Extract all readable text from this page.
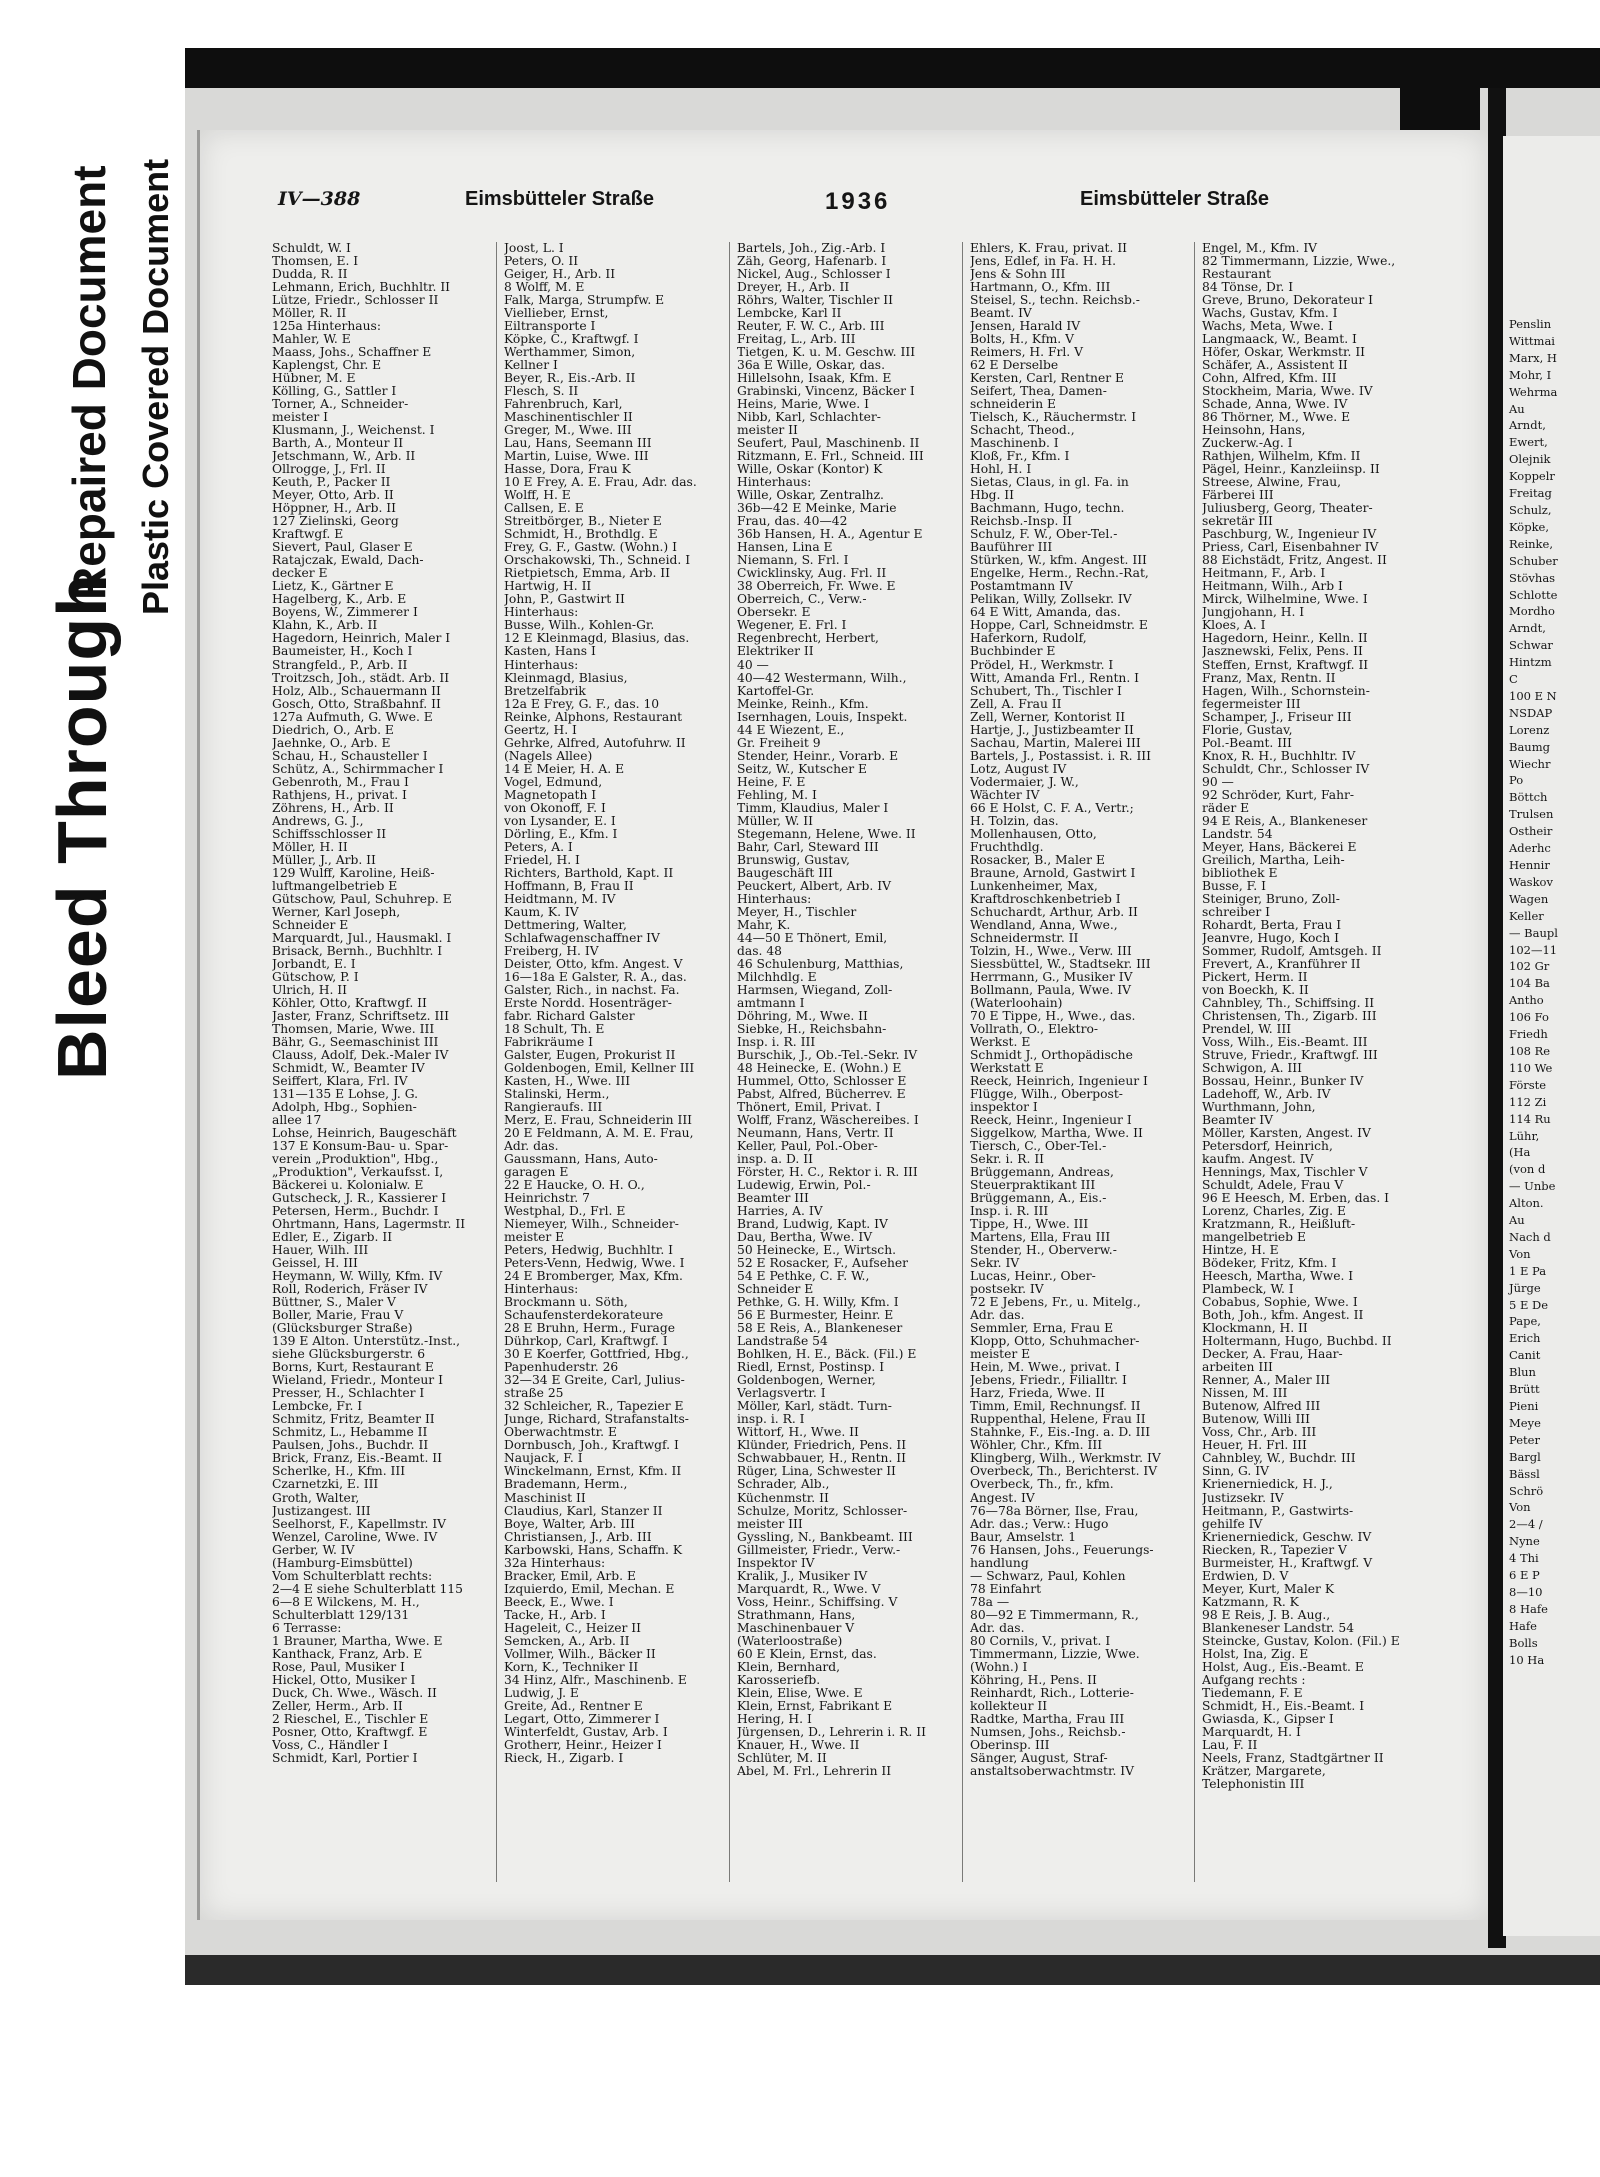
Bleed Through
Repaired Document Plastic Covered Document	IV—388	Eimsbütteler Straße	1936	Eimsbütteler Straße
Schuldt, W. I
Thomsen, E. I
Dudda, R. II
Lehmann, Erich, Buchhltr. II
Lütze, Friedr., Schlosser II
Möller, R. II
125a Hinterhaus:
Mahler, W. E
Maass, Johs., Schaffner E
Kaplengst, Chr. E
Hübner, M. E
Kölling, G., Sattler I
Torner, A., Schneider-
meister I
Klusmann, J., Weichenst. I
Barth, A., Monteur II
Jetschmann, W., Arb. II
Ollrogge, J., Frl. II
Keuth, P., Packer II
Meyer, Otto, Arb. II
Höppner, H., Arb. II
127 Zielinski, Georg
Kraftwgf. E
Sievert, Paul, Glaser E
Ratajczak, Ewald, Dach-
decker E
Lietz, K., Gärtner E
Hagelberg, K., Arb. E
Boyens, W., Zimmerer I
Klahn, K., Arb. II
Hagedorn, Heinrich, Maler I
Baumeister, H., Koch I
Strangfeld., P., Arb. II
Troitzsch, Joh., städt. Arb. II
Holz, Alb., Schauermann II
Gosch, Otto, Straßbahnf. II
127a Aufmuth, G. Wwe. E
Diedrich, O., Arb. E
Jaehnke, O., Arb. E
Schau, H., Schausteller I
Schütz, A., Schirmmacher I
Gebenroth, M., Frau I
Rathjens, H., privat. I
Zöhrens, H., Arb. II
Andrews, G. J.,
Schiffsschlosser II
Möller, H. II
Müller, J., Arb. II
129 Wulff, Karoline, Heiß-
luftmangelbetrieb E
Gütschow, Paul, Schuhrep. E
Werner, Karl Joseph,
Schneider E
Marquardt, Jul., Hausmakl. I
Brisack, Bernh., Buchhltr. I
Jorbandt, E. I
Gütschow, P. I
Ulrich, H. II
Köhler, Otto, Kraftwgf. II
Jaster, Franz, Schriftsetz. III
Thomsen, Marie, Wwe. III
Bähr, G., Seemaschinist III
Clauss, Adolf, Dek.-Maler IV
Schmidt, W., Beamter IV
Seiffert, Klara, Frl. IV
131—135 E Lohse, J. G.
Adolph, Hbg., Sophien-
allee 17
Lohse, Heinrich, Baugeschäft
137 E Konsum-Bau- u. Spar-
verein „Produktion", Hbg.,
„Produktion", Verkaufsst. I,
Bäckerei u. Kolonialw. E
Gutscheck, J. R., Kassierer I
Petersen, Herm., Buchdr. I
Ohrtmann, Hans, Lagermstr. II
Edler, E., Zigarb. II
Hauer, Wilh. III
Geissel, H. III
Heymann, W. Willy, Kfm. IV
Roll, Roderich, Fräser IV
Büttner, S., Maler V
Boller, Marie, Frau V
(Glücksburger Straße)
139 E Alton. Unterstütz.-Inst.,
siehe Glücksburgerstr. 6
Borns, Kurt, Restaurant E
Wieland, Friedr., Monteur I
Presser, H., Schlachter I
Lembcke, Fr. I
Schmitz, Fritz, Beamter II
Schmitz, L., Hebamme II
Paulsen, Johs., Buchdr. II
Brick, Franz, Eis.-Beamt. II
Scherlke, H., Kfm. III
Czarnetzki, E. III
Groth, Walter,
Justizangest. III
Seelhorst, F., Kapellmstr. IV
Wenzel, Caroline, Wwe. IV
Gerber, W. IV
(Hamburg-Eimsbüttel)
Vom Schulterblatt rechts:
2—4 E siehe Schulterblatt 115
6—8 E Wilckens, M. H.,
Schulterblatt 129/131
6 Terrasse:
1 Brauner, Martha, Wwe. E
Kanthack, Franz, Arb. E
Rose, Paul, Musiker I
Hickel, Otto, Musiker I
Duck, Ch. Wwe., Wäsch. II
Zeller, Herm., Arb. II
2 Rieschel, E., Tischler E
Posner, Otto, Kraftwgf. E
Voss, C., Händler I
Schmidt, Karl, Portier I
Joost, L. I
Peters, O. II
Geiger, H., Arb. II
8 Wolff, M. E
Falk, Marga, Strumpfw. E
Viellieber, Ernst,
Eiltransporte I
Köpke, C., Kraftwgf. I
Werthammer, Simon,
Kellner I
Beyer, R., Eis.-Arb. II
Flesch, S. II
Fahrenbruch, Karl,
Maschinentischler II
Greger, M., Wwe. III
Lau, Hans, Seemann III
Martin, Luise, Wwe. III
Hasse, Dora, Frau K
10 E Frey, A. E. Frau, Adr. das.
Wolff, H. E
Callsen, E. E
Streitbörger, B., Nieter E
Schmidt, H., Brothdlg. E
Frey, G. F., Gastw. (Wohn.) I
Orschakowski, Th., Schneid. I
Rietpietsch, Emma, Arb. II
Hartwig, H. II
John, P., Gastwirt II
Hinterhaus:
Busse, Wilh., Kohlen-Gr.
12 E Kleinmagd, Blasius, das.
Kasten, Hans I
Hinterhaus:
Kleinmagd, Blasius,
Bretzelfabrik
12a E Frey, G. F., das. 10
Reinke, Alphons, Restaurant
Geertz, H. I
Gehrke, Alfred, Autofuhrw. II
(Nagels Allee)
14 E Meier, H. A. E
Vogel, Edmund,
Magnetopath I
von Okonoff, F. I
von Lysander, E. I
Dörling, E., Kfm. I
Peters, A. I
Friedel, H. I
Richters, Barthold, Kapt. II
Hoffmann, B, Frau II
Heidtmann, M. IV
Kaum, K. IV
Dettmering, Walter,
Schlafwagenschaffner IV
Freiberg, H. IV
Deister, Otto, kfm. Angest. V
16—18a E Galster, R. A., das.
Galster, Rich., in nachst. Fa.
Erste Nordd. Hosenträger-
fabr. Richard Galster
18 Schult, Th. E
Fabrikräume I
Galster, Eugen, Prokurist II
Goldenbogen, Emil, Kellner III
Kasten, H., Wwe. III
Stalinski, Herm.,
Rangieraufs. III
Merz, E. Frau, Schneiderin III
20 E Feldmann, A. M. E. Frau,
Adr. das.
Gaussmann, Hans, Auto-
garagen E
22 E Haucke, O. H. O.,
Heinrichstr. 7
Westphal, D., Frl. E
Niemeyer, Wilh., Schneider-
meister E
Peters, Hedwig, Buchhltr. I
Peters-Venn, Hedwig, Wwe. I
24 E Bromberger, Max, Kfm.
Hinterhaus:
Brockmann u. Söth,
Schaufensterdekorateure
28 E Bruhn, Herm., Furage
Dührkop, Carl, Kraftwgf. I
30 E Koerfer, Gottfried, Hbg.,
Papenhuderstr. 26
32—34 E Greite, Carl, Julius-
straße 25
32 Schleicher, R., Tapezier E
Junge, Richard, Strafanstalts-
Oberwachtmstr. E
Dornbusch, Joh., Kraftwgf. I
Naujack, F. I
Winckelmann, Ernst, Kfm. II
Brademann, Herm.,
Maschinist II
Claudius, Karl, Stanzer II
Boye, Walter, Arb. III
Christiansen, J., Arb. III
Karbowski, Hans, Schaffn. K
32a Hinterhaus:
Bracker, Emil, Arb. E
Izquierdo, Emil, Mechan. E
Beeck, E., Wwe. I
Tacke, H., Arb. I
Hageleit, C., Heizer II
Semcken, A., Arb. II
Vollmer, Wilh., Bäcker II
Korn, K., Techniker II
34 Hinz, Alfr., Maschinenb. E
Ludwig, J. E
Greite, Ad., Rentner E
Legart, Otto, Zimmerer I
Winterfeldt, Gustav, Arb. I
Grotherr, Heinr., Heizer I
Rieck, H., Zigarb. I
Bartels, Joh., Zig.-Arb. I
Zäh, Georg, Hafenarb. I
Nickel, Aug., Schlosser I
Dreyer, H., Arb. II
Röhrs, Walter, Tischler II
Lembcke, Karl II
Reuter, F. W. C., Arb. III
Freitag, L., Arb. III
Tietgen, K. u. M. Geschw. III
36a E Wille, Oskar, das.
Hillelsohn, Isaak, Kfm. E
Grabinski, Vincenz, Bäcker I
Heins, Marie, Wwe. I
Nibb, Karl, Schlachter-
meister II
Seufert, Paul, Maschinenb. II
Ritzmann, E. Frl., Schneid. III
Wille, Oskar (Kontor) K
Hinterhaus:
Wille, Oskar, Zentralhz.
36b—42 E Meinke, Marie
Frau, das. 40—42
36b Hansen, H. A., Agentur E
Hansen, Lina E
Niemann, S. Frl. I
Cwicklinsky, Aug. Frl. II
38 Oberreich, Fr. Wwe. E
Oberreich, C., Verw.-
Obersekr. E
Wegener, E. Frl. I
Regenbrecht, Herbert,
Elektriker II
40 —
40—42 Westermann, Wilh.,
Kartoffel-Gr.
Meinke, Reinh., Kfm.
Isernhagen, Louis, Inspekt.
44 E Wiezent, E.,
Gr. Freiheit 9
Stender, Heinr., Vorarb. E
Seitz, W., Kutscher E
Heine, F. E
Fehling, M. I
Timm, Klaudius, Maler I
Müller, W. II
Stegemann, Helene, Wwe. II
Bahr, Carl, Steward III
Brunswig, Gustav,
Baugeschäft III
Peuckert, Albert, Arb. IV
Hinterhaus:
Meyer, H., Tischler
Mahr, K.
44—50 E Thönert, Emil,
das. 48
46 Schulenburg, Matthias,
Milchhdlg. E
Harmsen, Wiegand, Zoll-
amtmann I
Döhring, M., Wwe. II
Siebke, H., Reichsbahn-
Insp. i. R. III
Burschik, J., Ob.-Tel.-Sekr. IV
48 Heinecke, E. (Wohn.) E
Hummel, Otto, Schlosser E
Pabst, Alfred, Bücherrev. E
Thönert, Emil, Privat. I
Wolff, Franz, Wäschereibes. I
Neumann, Hans, Vertr. II
Keller, Paul, Pol.-Ober-
insp. a. D. II
Förster, H. C., Rektor i. R. III
Ludewig, Erwin, Pol.-
Beamter III
Harries, A. IV
Brand, Ludwig, Kapt. IV
Dau, Bertha, Wwe. IV
50 Heinecke, E., Wirtsch.
52 E Rosacker, F., Aufseher
54 E Pethke, C. F. W.,
Schneider E
Pethke, G. H. Willy, Kfm. I
56 E Burmester, Heinr. E
58 E Reis, A., Blankeneser
Landstraße 54
Bohlken, H. E., Bäck. (Fil.) E
Riedl, Ernst, Postinsp. I
Goldenbogen, Werner,
Verlagsvertr. I
Möller, Karl, städt. Turn-
insp. i. R. I
Wittorf, H., Wwe. II
Klünder, Friedrich, Pens. II
Schwabbauer, H., Rentn. II
Rüger, Lina, Schwester II
Schrader, Alb.,
Küchenmstr. II
Schulze, Moritz, Schlosser-
meister III
Gyssling, N., Bankbeamt. III
Gillmeister, Friedr., Verw.-
Inspektor IV
Kralik, J., Musiker IV
Marquardt, R., Wwe. V
Voss, Heinr., Schiffsing. V
Strathmann, Hans,
Maschinenbauer V
(Waterloostraße)
60 E Klein, Ernst, das.
Klein, Bernhard,
Karosseriefb.
Klein, Elise, Wwe. E
Klein, Ernst, Fabrikant E
Hering, H. I
Jürgensen, D., Lehrerin i. R. II
Knauer, H., Wwe. II
Schlüter, M. II
Abel, M. Frl., Lehrerin II
Ehlers, K. Frau, privat. II
Jens, Edlef, in Fa. H. H.
Jens & Sohn III
Hartmann, O., Kfm. III
Steisel, S., techn. Reichsb.-
Beamt. IV
Jensen, Harald IV
Bolts, H., Kfm. V
Reimers, H. Frl. V
62 E Derselbe
Kersten, Carl, Rentner E
Seifert, Thea, Damen-
schneiderin E
Tielsch, K., Räuchermstr. I
Schacht, Theod.,
Maschinenb. I
Kloß, Fr., Kfm. I
Hohl, H. I
Sietas, Claus, in gl. Fa. in
Hbg. II
Bachmann, Hugo, techn.
Reichsb.-Insp. II
Schulz, F. W., Ober-Tel.-
Bauführer III
Stürken, W., kfm. Angest. III
Engelke, Herm., Rechn.-Rat,
Postamtmann IV
Pelikan, Willy, Zollsekr. IV
64 E Witt, Amanda, das.
Hoppe, Carl, Schneidmstr. E
Haferkorn, Rudolf,
Buchbinder E
Prödel, H., Werkmstr. I
Witt, Amanda Frl., Rentn. I
Schubert, Th., Tischler I
Zell, A. Frau II
Zell, Werner, Kontorist II
Hartje, J., Justizbeamter II
Sachau, Martin, Malerei III
Bartels, J., Postassist. i. R. III
Lotz, August IV
Vodermaier, J. W.,
Wächter IV
66 E Holst, C. F. A., Vertr.;
H. Tolzin, das.
Mollenhausen, Otto,
Fruchthdlg.
Rosacker, B., Maler E
Braune, Arnold, Gastwirt I
Lunkenheimer, Max,
Kraftdroschkenbetrieb I
Schuchardt, Arthur, Arb. II
Wendland, Anna, Wwe.,
Schneidermstr. II
Tolzin, H., Wwe., Verw. III
Siessbüttel, W., Stadtsekr. III
Herrmann, G., Musiker IV
Bollmann, Paula, Wwe. IV
(Waterloohain)
70 E Tippe, H., Wwe., das.
Vollrath, O., Elektro-
Werkst. E
Schmidt J., Orthopädische
Werkstatt E
Reeck, Heinrich, Ingenieur I
Flügge, Wilh., Oberpost-
inspektor I
Reeck, Heinr., Ingenieur I
Siggelkow, Martha, Wwe. II
Tiersch, C., Ober-Tel.-
Sekr. i. R. II
Brüggemann, Andreas,
Steuerpraktikant III
Brüggemann, A., Eis.-
Insp. i. R. III
Tippe, H., Wwe. III
Martens, Ella, Frau III
Stender, H., Oberverw.-
Sekr. IV
Lucas, Heinr., Ober-
postsekr. IV
72 E Jebens, Fr., u. Mitelg.,
Adr. das.
Semmler, Erna, Frau E
Klopp, Otto, Schuhmacher-
meister E
Hein, M. Wwe., privat. I
Jebens, Friedr., Filialltr. I
Harz, Frieda, Wwe. II
Timm, Emil, Rechnungsf. II
Ruppenthal, Helene, Frau II
Stahnke, F., Eis.-Ing. a. D. III
Wöhler, Chr., Kfm. III
Klingberg, Wilh., Werkmstr. IV
Overbeck, Th., Berichterst. IV
Overbeck, Th., fr., kfm.
Angest. IV
76—78a Börner, Ilse, Frau,
Adr. das.; Verw.: Hugo
Baur, Amselstr. 1
76 Hansen, Johs., Feuerungs-
handlung
— Schwarz, Paul, Kohlen
78 Einfahrt
78a —
80—92 E Timmermann, R.,
Adr. das.
80 Cornils, V., privat. I
Timmermann, Lizzie, Wwe.
(Wohn.) I
Köhring, H., Pens. II
Reinhardt, Rich., Lotterie-
kollekteur II
Radtke, Martha, Frau III
Numsen, Johs., Reichsb.-
Oberinsp. III
Sänger, August, Straf-
anstaltsoberwachtmstr. IV
Engel, M., Kfm. IV
82 Timmermann, Lizzie, Wwe.,
Restaurant
84 Tönse, Dr. I
Greve, Bruno, Dekorateur I
Wachs, Gustav, Kfm. I
Wachs, Meta, Wwe. I
Langmaack, W., Beamt. I
Höfer, Oskar, Werkmstr. II
Schäfer, A., Assistent II
Cohn, Alfred, Kfm. III
Stockheim, Maria, Wwe. IV
Schade, Anna, Wwe. IV
86 Thörner, M., Wwe. E
Heinsohn, Hans,
Zuckerw.-Ag. I
Rathjen, Wilhelm, Kfm. II
Pägel, Heinr., Kanzleiinsp. II
Streese, Alwine, Frau,
Färberei III
Juliusberg, Georg, Theater-
sekretär III
Paschburg, W., Ingenieur IV
Priess, Carl, Eisenbahner IV
88 Eichstädt, Fritz, Angest. II
Heitmann, F., Arb. I
Heitmann, Wilh., Arb I
Mirck, Wilhelmine, Wwe. I
Jungjohann, H. I
Kloes, A. I
Hagedorn, Heinr., Kelln. II
Jasznewski, Felix, Pens. II
Steffen, Ernst, Kraftwgf. II
Franz, Max, Rentn. II
Hagen, Wilh., Schornstein-
fegermeister III
Schamper, J., Friseur III
Florie, Gustav,
Pol.-Beamt. III
Knox, R. H., Buchhltr. IV
Schuldt, Chr., Schlosser IV
90 —
92 Schröder, Kurt, Fahr-
räder E
94 E Reis, A., Blankeneser
Landstr. 54
Meyer, Hans, Bäckerei E
Greilich, Martha, Leih-
bibliothek E
Busse, F. I
Steiniger, Bruno, Zoll-
schreiber I
Rohardt, Berta, Frau I
Jeanvre, Hugo, Koch I
Sommer, Rudolf, Amtsgeh. II
Frevert, A., Kranführer II
Pickert, Herm. II
von Boeckh, K. II
Cahnbley, Th., Schiffsing. II
Christensen, Th., Zigarb. III
Prendel, W. III
Voss, Wilh., Eis.-Beamt. III
Struve, Friedr., Kraftwgf. III
Schwigon, A. III
Bossau, Heinr., Bunker IV
Ladehoff, W., Arb. IV
Wurthmann, John,
Beamter IV
Möller, Karsten, Angest. IV
Petersdorf, Heinrich,
kaufm. Angest. IV
Hennings, Max, Tischler V
Schuldt, Adele, Frau V
96 E Heesch, M. Erben, das. I
Lorenz, Charles, Zig. E
Kratzmann, R., Heißluft-
mangelbetrieb E
Hintze, H. E
Bödeker, Fritz, Kfm. I
Heesch, Martha, Wwe. I
Plambeck, W. I
Cobabus, Sophie, Wwe. I
Both, Joh., kfm. Angest. II
Klockmann, H. II
Holtermann, Hugo, Buchbd. II
Decker, A. Frau, Haar-
arbeiten III
Renner, A., Maler III
Nissen, M. III
Butenow, Alfred III
Butenow, Willi III
Voss, Chr., Arb. III
Heuer, H. Frl. III
Cahnbley, W., Buchdr. III
Sinn, G. IV
Krienerniedick, H. J.,
Justizsekr. IV
Heitmann, P., Gastwirts-
gehilfe IV
Krienerniedick, Geschw. IV
Riecken, R., Tapezier V
Burmeister, H., Kraftwgf. V
Erdwien, D. V
Meyer, Kurt, Maler K
Katzmann, R. K
98 E Reis, J. B. Aug.,
Blankeneser Landstr. 54
Steincke, Gustav, Kolon. (Fil.) E
Holst, Ina, Zig. E
Holst, Aug., Eis.-Beamt. E
Aufgang rechts :
Tiedemann, F. E
Schmidt, H., Eis.-Beamt. I
Gwiasda, K., Gipser I
Marquardt, H. I
Lau, F. II
Neels, Franz, Stadtgärtner II
Krätzer, Margarete,
Telephonistin III
Penslin
Wittmai
Marx, H
Mohr, I
Wehrma
Au
Arndt,
Ewert,
Olejnik
Koppelr
Freitag
Schulz,
Köpke,
Reinke,
Schuber
Stövhas
Schlotte
Mordho
Arndt,
Schwar
Hintzm
C
100 E N
NSDAP
Lorenz
Baumg
Wiechr
Po
Böttch
Trulsen
Ostheir
Aderhc
Hennir
Waskov
Wagen
Keller
— Baupl
102—11
102 Gr
104 Ba
Antho
106 Fo
Friedh
108 Re
110 We
Förste
112 Zi
114 Ru
Lühr,
(Ha
(von d
— Unbe
Alton.
Au
Nach d
Von
1 E Pa
Jürge
5 E De
Pape,
Erich
Canit
Blun
Brütt
Pieni
Meye
Peter
Bargl
Bässl
Schrö
Von
2—4 /
Nyne
4 Thi
6 E P
8—10
8 Hafe
Hafe
Bolls
10 Ha
